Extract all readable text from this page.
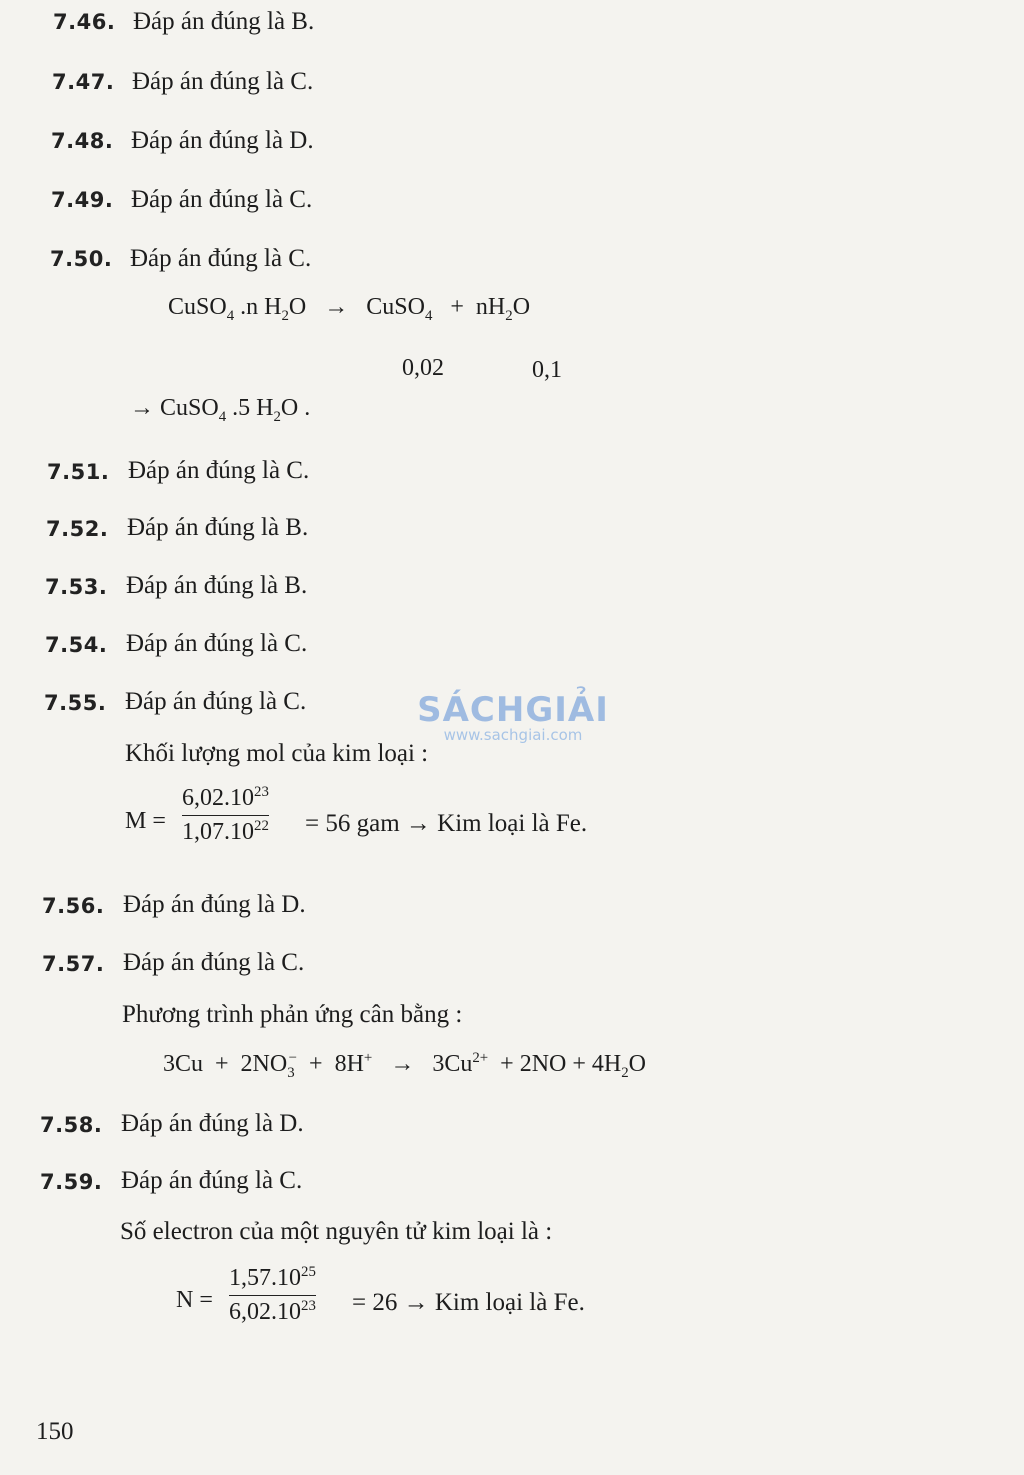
7.46. Đáp án đúng là B.
7.47. Đáp án đúng là C.
7.48. Đáp án đúng là D.
7.49. Đáp án đúng là C.
7.50. Đáp án đúng là C.
CuSO$_4$ .n $H_2O$   →   CuSO$_4$   +  $nH_2O$
0,02	0,1
→ CuSO$_4$ .5 $H_2O$ .
7.51. Đáp án đúng là C.
7.52. Đáp án đúng là B.
7.53. Đáp án đúng là B.
7.54. Đáp án đúng là C.
7.55. Đáp án đúng là C.
Khối lượng mol của kim loại :
M =
$6,02.10^{23}$
$1,07.10^{22} = 56$ gam → Kim loại là Fe.
7.56. Đáp án đúng là D.
7.57. Đáp án đúng là C.
Phương trình phản ứng cân bằng :
$3Cu + 2NO_3^- + 8H^+ \to 3Cu^{2+} + 2NO + 4H_2O$
7.58. Đáp án đúng là D.
7.59. Đáp án đúng là C.
Số electron của một nguyên tử kim loại là :
N =
$1,57.10^{25}$
$6,02.10^{23} = 26$ → Kim loại là Fe.
SÁCHGIẢI
www.sachgiai.com
150
